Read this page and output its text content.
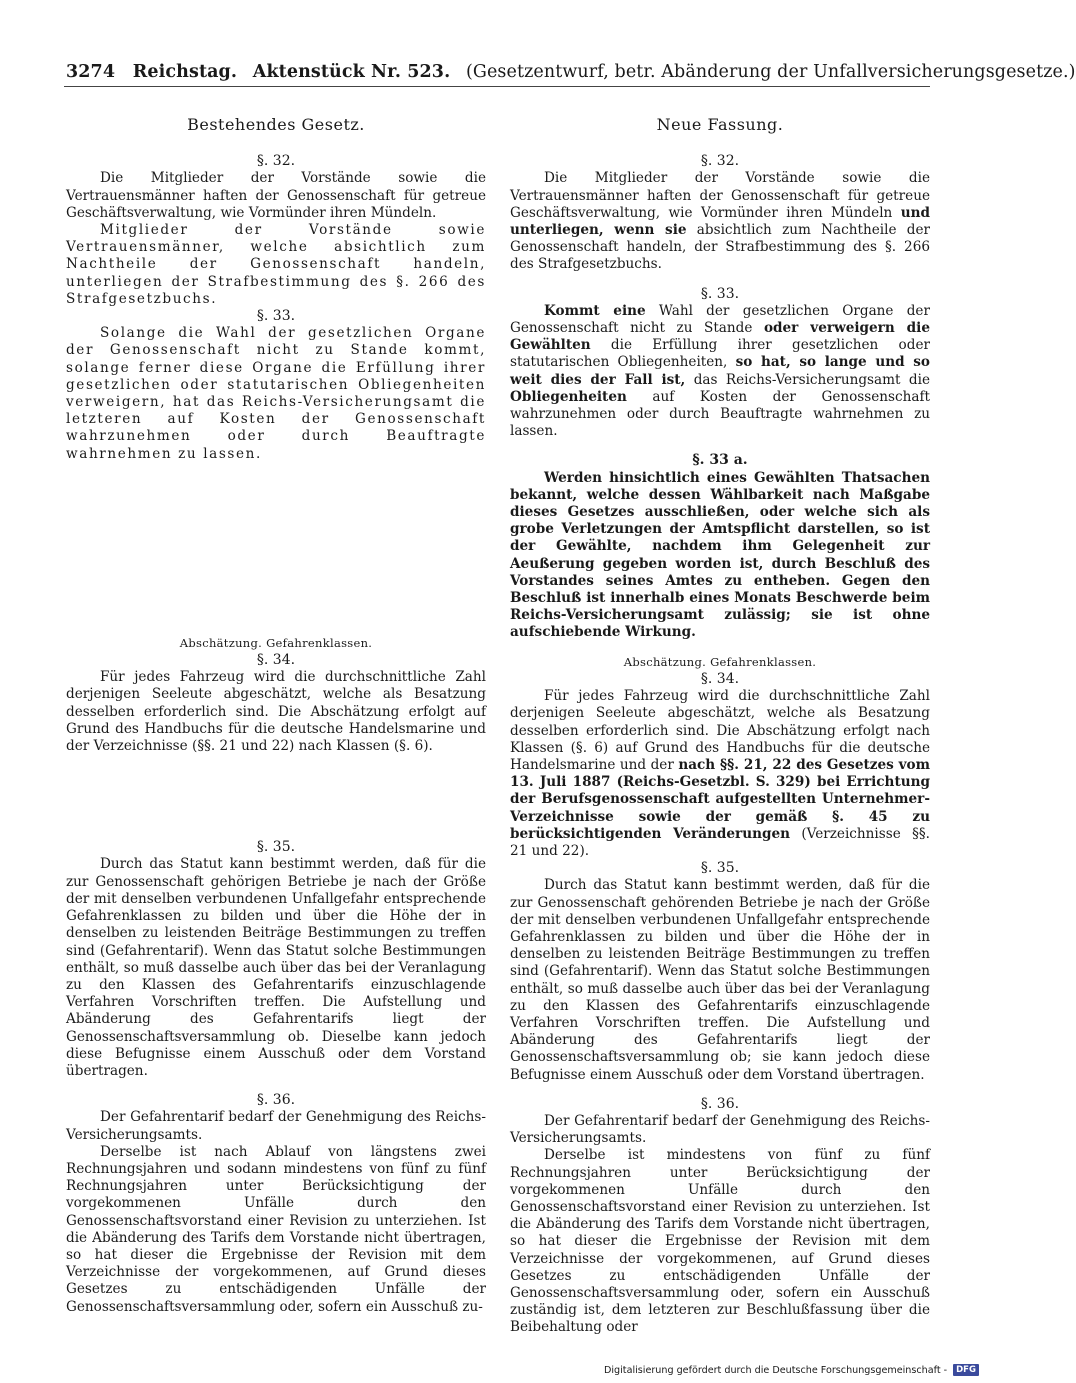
3274 Reichstag. Aktenstück Nr. 523. (Gesetzentwurf, betr. Abänderung der Unfallversicherungsgesetze.)

Bestehendes Gesetz.

§. 32.

Die Mitglieder der Vorstände sowie die Vertrauensmänner haften der Genossenschaft für getreue Geschäftsverwaltung, wie Vormünder ihren Mündeln.

Mitglieder der Vorstände sowie Vertrauensmänner, welche absichtlich zum Nachtheile der Genossenschaft handeln, unterliegen der Strafbestimmung des §. 266 des Strafgesetzbuchs.

§. 33.

Solange die Wahl der gesetzlichen Organe der Genossenschaft nicht zu Stande kommt, solange ferner diese Organe die Erfüllung ihrer gesetzlichen oder statutarischen Obliegenheiten verweigern, hat das Reichs-Versicherungsamt die letzteren auf Kosten der Genossenschaft wahrzunehmen oder durch Beauftragte wahrnehmen zu lassen.

Abschätzung. Gefahrenklassen.

§. 34.

Für jedes Fahrzeug wird die durchschnittliche Zahl derjenigen Seeleute abgeschätzt, welche als Besatzung desselben erforderlich sind. Die Abschätzung erfolgt auf Grund des Handbuchs für die deutsche Handelsmarine und der Verzeichnisse (§§. 21 und 22) nach Klassen (§. 6).

§. 35.

Durch das Statut kann bestimmt werden, daß für die zur Genossenschaft gehörigen Betriebe je nach der Größe der mit denselben verbundenen Unfallgefahr entsprechende Gefahrenklassen zu bilden und über die Höhe der in denselben zu leistenden Beiträge Bestimmungen zu treffen sind (Gefahrentarif). Wenn das Statut solche Bestimmungen enthält, so muß dasselbe auch über das bei der Veranlagung zu den Klassen des Gefahrentarifs einzuschlagende Verfahren Vorschriften treffen. Die Aufstellung und Abänderung des Gefahrentarifs liegt der Genossenschaftsversammlung ob. Dieselbe kann jedoch diese Befugnisse einem Ausschuß oder dem Vorstand übertragen.

§. 36.

Der Gefahrentarif bedarf der Genehmigung des Reichs-Versicherungsamts.

Derselbe ist nach Ablauf von längstens zwei Rechnungsjahren und sodann mindestens von fünf zu fünf Rechnungsjahren unter Berücksichtigung der vorgekommenen Unfälle durch den Genossenschaftsvorstand einer Revision zu unterziehen. Ist die Abänderung des Tarifs dem Vorstande nicht übertragen, so hat dieser die Ergebnisse der Revision mit dem Verzeichnisse der vorgekommenen, auf Grund dieses Gesetzes zu entschädigenden Unfälle der Genossenschaftsversammlung oder, sofern ein Ausschuß zu-

Neue Fassung.

§. 32.

Die Mitglieder der Vorstände sowie die Vertrauensmänner haften der Genossenschaft für getreue Geschäftsverwaltung, wie Vormünder ihren Mündeln und unterliegen, wenn sie absichtlich zum Nachtheile der Genossenschaft handeln, der Strafbestimmung des §. 266 des Strafgesetzbuchs.

§. 33.

Kommt eine Wahl der gesetzlichen Organe der Genossenschaft nicht zu Stande oder verweigern die Gewählten die Erfüllung ihrer gesetzlichen oder statutarischen Obliegenheiten, so hat, so lange und so weit dies der Fall ist, das Reichs-Versicherungsamt die Obliegenheiten auf Kosten der Genossenschaft wahrzunehmen oder durch Beauftragte wahrnehmen zu lassen.

§. 33 a.

Werden hinsichtlich eines Gewählten Thatsachen bekannt, welche dessen Wählbarkeit nach Maßgabe dieses Gesetzes ausschließen, oder welche sich als grobe Verletzungen der Amtspflicht darstellen, so ist der Gewählte, nachdem ihm Gelegenheit zur Aeußerung gegeben worden ist, durch Beschluß des Vorstandes seines Amtes zu entheben. Gegen den Beschluß ist innerhalb eines Monats Beschwerde beim Reichs-Versicherungsamt zulässig; sie ist ohne aufschiebende Wirkung.

Abschätzung. Gefahrenklassen.

§. 34.

Für jedes Fahrzeug wird die durchschnittliche Zahl derjenigen Seeleute abgeschätzt, welche als Besatzung desselben erforderlich sind. Die Abschätzung erfolgt nach Klassen (§. 6) auf Grund des Handbuchs für die deutsche Handelsmarine und der nach §§. 21, 22 des Gesetzes vom 13. Juli 1887 (Reichs-Gesetzbl. S. 329) bei Errichtung der Berufsgenossenschaft aufgestellten Unternehmer-Verzeichnisse sowie der gemäß §. 45 zu berücksichtigenden Veränderungen (Verzeichnisse §§. 21 und 22).

§. 35.

Durch das Statut kann bestimmt werden, daß für die zur Genossenschaft gehörenden Betriebe je nach der Größe der mit denselben verbundenen Unfallgefahr entsprechende Gefahrenklassen zu bilden und über die Höhe der in denselben zu leistenden Beiträge Bestimmungen zu treffen sind (Gefahrentarif). Wenn das Statut solche Bestimmungen enthält, so muß dasselbe auch über das bei der Veranlagung zu den Klassen des Gefahrentarifs einzuschlagende Verfahren Vorschriften treffen. Die Aufstellung und Abänderung des Gefahrentarifs liegt der Genossenschaftsversammlung ob; sie kann jedoch diese Befugnisse einem Ausschuß oder dem Vorstand übertragen.

§. 36.

Der Gefahrentarif bedarf der Genehmigung des Reichs-Versicherungsamts.

Derselbe ist mindestens von fünf zu fünf Rechnungsjahren unter Berücksichtigung der vorgekommenen Unfälle durch den Genossenschaftsvorstand einer Revision zu unterziehen. Ist die Abänderung des Tarifs dem Vorstande nicht übertragen, so hat dieser die Ergebnisse der Revision mit dem Verzeichnisse der vorgekommenen, auf Grund dieses Gesetzes zu entschädigenden Unfälle der Genossenschaftsversammlung oder, sofern ein Ausschuß zuständig ist, dem letzteren zur Beschlußfassung über die Beibehaltung oder

Digitalisierung gefördert durch die Deutsche Forschungsgemeinschaft -	DFG
